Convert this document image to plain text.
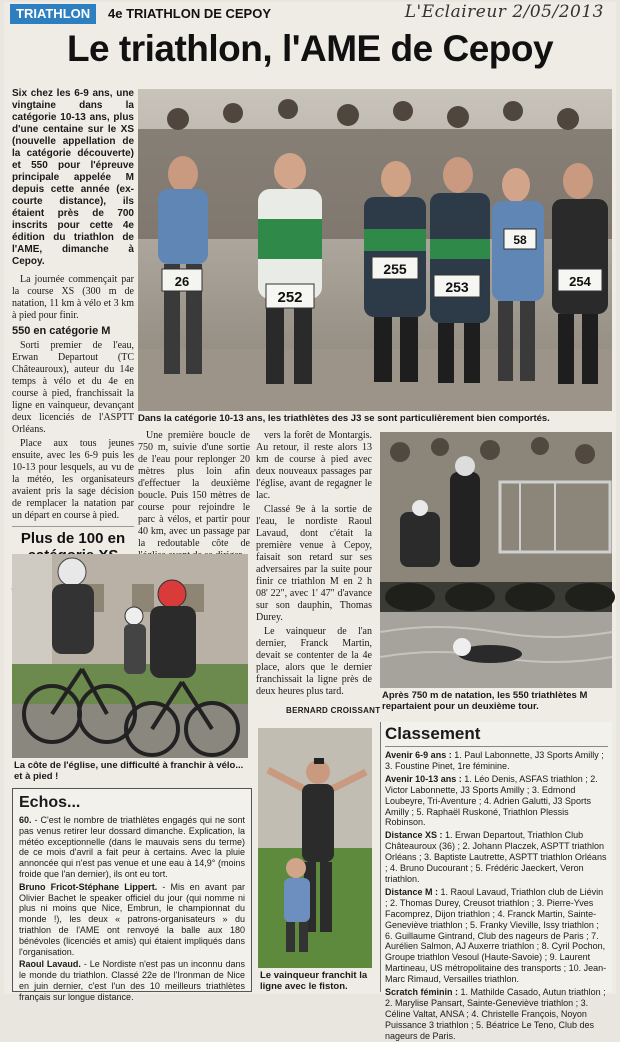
TRIATHLON	4e TRIATHLON DE CEPOY	L'Eclaireur 2/05/2013
Le triathlon, l'AME de Cepoy
Six chez les 6-9 ans, une vingtaine dans la catégorie 10-13 ans, plus d'une centaine sur le XS (nouvelle appellation de la catégorie découverte) et 550 pour l'épreuve principale appelée M depuis cette année (ex-courte distance), ils étaient près de 700 inscrits pour cette 4e édition du triathlon de l'AME, dimanche à Cepoy.

La journée commençait par la course XS (300 m de natation, 11 km à vélo et 3 km à pied pour finir.

550 en catégorie M

Sorti premier de l'eau, Erwan Departout (TC Châteauroux), auteur du 14e temps à vélo et du 4e en course à pied, franchissait la ligne en vainqueur, devançant deux licenciés de l'ASPTT Orléans.

Place aux tous jeunes ensuite, avec les 6-9 puis les 10-13 pour lesquels, au vu de la météo, les organisateurs avaient pris la sage décision de remplacer la natation par un départ en course à pied.

Plus de 100 en

26
252
255
253
58
254
Dans la catégorie 10-13 ans, les triathlètes des J3 se sont particulièrement bien comportés.

Une première boucle de 750 m, suivie d'une sortie de l'eau pour replonger 20 mètres plus loin afin d'effectuer la deuxième boucle. Puis 150 mètres de course pour rejoindre le parc à vélos, et partir pour 40 km, avec un passage par la redoutable côte de

vers la forêt de Montargis. Au retour, il reste alors 13 km de course à pied avec deux nouveaux passages par l'église, avant de regagner le lac.

Classé 9e à la sortie de l'eau, le nordiste Raoul Lavaud, dont c'était la première venue à Cepoy, faisait son retard sur ses adversaires par la suite pour finir ce triathlon M en 2 h 08' 22", avec 1' 47" d'avance sur son dauphin, Thomas Durey.

Le vainqueur de l'an dernier, Franck Martin, devait se contenter de la 4e place, alors que le dernier franchissait la ligne près de deux heures plus tard.

BERNARD CROISSANT
Après 750 m de natation, les 550 triathlètes M repartaient pour un deuxième tour.
La côte de l'église, une difficulté à franchir à vélo... et à pied !
Echos...

60. - C'est le nombre de triathlètes engagés qui ne sont pas venus retirer leur dossard dimanche. Explication, la météo exceptionnelle (dans le mauvais sens du terme) de ce mois d'avril a fait peur à certains. Avec la pluie annoncée qui n'est pas venue et une eau à 14,9° (moins froide que l'an dernier), ils ont eu tort.

Bruno Fricot-Stéphane Lippert. - Mis en avant par Olivier Bachet le speaker officiel du jour (qui nomme ni plus ni moins que Nice, Embrun, le championnat du monde !), les deux « patrons-organisateurs » du triathlon de l'AME ont renvoyé la balle aux 180 bénévoles (licenciés et amis) qui étaient impliqués dans l'organisation.

Raoul Lavaud. - Le Nordiste n'est pas un inconnu dans le monde du triathlon. Classé 22e de l'Ironman de Nice en juin dernier, c'est l'un des 10 meilleurs triathlètes français sur longue distance.

Le vainqueur franchit la ligne avec le fiston.
Classement

Avenir 6-9 ans : 1. Paul Labonnette, J3 Sports Amilly ; 3. Foustine Pinet, 1re féminine.

Avenir 10-13 ans : 1. Léo Denis, ASFAS triathlon ; 2. Victor Labonnette, J3 Sports Amilly ; 3. Edmond Loubeyre, Tri-Aventure ; 4. Adrien Galutti, J3 Sports Amilly ; 5. Raphaël Ruskoné, Triathlon Plessis Robinson.

Distance XS : 1. Erwan Departout, Triathlon Club Châteauroux (36) ; 2. Johann Placzek, ASPTT triathlon Orléans ; 3. Baptiste Lautrette, ASPTT triathlon Orléans ; 4. Bruno Ducourant ; 5. Frédéric Jaeckert, Veron triathlon.

Distance M : 1. Raoul Lavaud, Triathlon club de Liévin ; 2. Thomas Durey, Creusot triathlon ; 3. Pierre-Yves Facomprez, Dijon triathlon ; 4. Franck Martin, Sainte-Geneviève triathlon ; 5. Franky Vieville, Issy triathlon ; 6. Guillaume Gintrand, Club des nageurs de Paris ; 7. Aurélien Salmon, AJ Auxerre triathlon ; 8. Cyril Pochon, Groupe triathlon Vesoul (Haute-Savoie) ; 9. Laurent Martineau, US métropolitaine des transports ; 10. Jean-Marc Rimaud, Versailles triathlon.

Scratch féminin : 1. Mathilde Casado, Autun triathlon ; 2. Marylise Pansart, Sainte-Geneviève triathlon ; 3. Céline Valtat, ANSA ; 4. Christelle François, Noyon Puissance 3 triathlon ; 5. Béatrice Le Teno, Club des nageurs de Paris.
